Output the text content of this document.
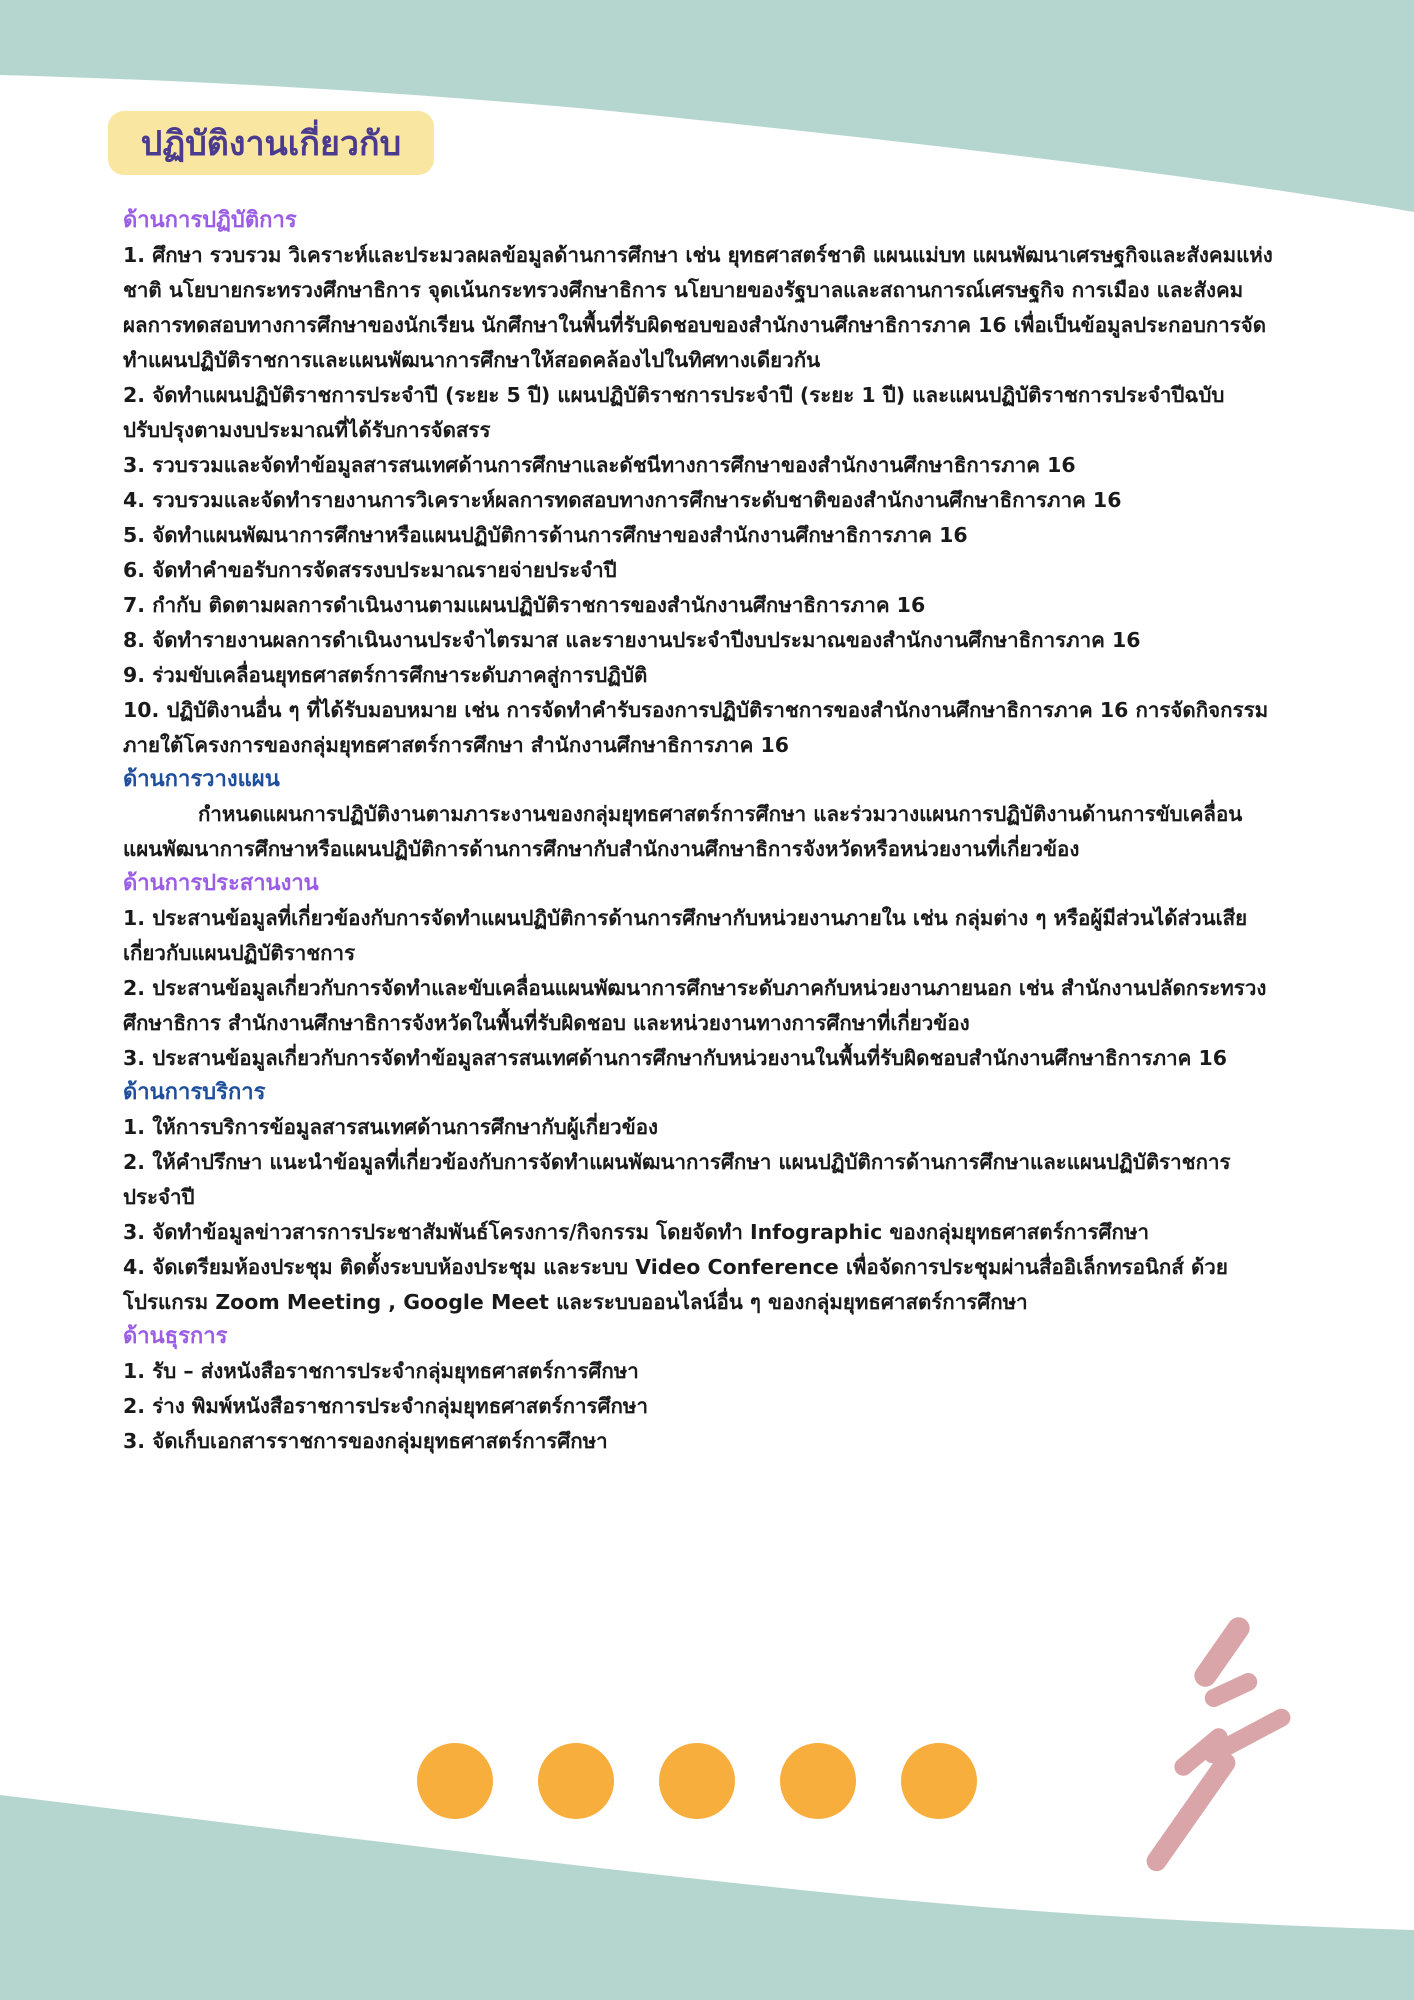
ปฏิบัติงานเกี่ยวกับ

ด้านการปฏิบัติการ

1. ศึกษา รวบรวม วิเคราะห์และประมวลผลข้อมูลด้านการศึกษา เช่น ยุทธศาสตร์ชาติ แผนแม่บท แผนพัฒนาเศรษฐกิจและสังคมแห่งชาติ นโยบายกระทรวงศึกษาธิการ จุดเน้นกระทรวงศึกษาธิการ นโยบายของรัฐบาลและสถานการณ์เศรษฐกิจ การเมือง และสังคม ผลการทดสอบทางการศึกษาของนักเรียน นักศึกษาในพื้นที่รับผิดชอบของสำนักงานศึกษาธิการภาค 16 เพื่อเป็นข้อมูลประกอบการจัดทำแผนปฏิบัติราชการและแผนพัฒนาการศึกษาให้สอดคล้องไปในทิศทางเดียวกัน

2. จัดทำแผนปฏิบัติราชการประจำปี (ระยะ 5 ปี) แผนปฏิบัติราชการประจำปี (ระยะ 1 ปี) และแผนปฏิบัติราชการประจำปีฉบับปรับปรุงตามงบประมาณที่ได้รับการจัดสรร

3. รวบรวมและจัดทำข้อมูลสารสนเทศด้านการศึกษาและดัชนีทางการศึกษาของสำนักงานศึกษาธิการภาค 16

4. รวบรวมและจัดทำรายงานการวิเคราะห์ผลการทดสอบทางการศึกษาระดับชาติของสำนักงานศึกษาธิการภาค 16

5. จัดทำแผนพัฒนาการศึกษาหรือแผนปฏิบัติการด้านการศึกษาของสำนักงานศึกษาธิการภาค 16

6. จัดทำคำขอรับการจัดสรรงบประมาณรายจ่ายประจำปี

7. กำกับ ติดตามผลการดำเนินงานตามแผนปฏิบัติราชการของสำนักงานศึกษาธิการภาค 16

8. จัดทำรายงานผลการดำเนินงานประจำไตรมาส และรายงานประจำปีงบประมาณของสำนักงานศึกษาธิการภาค 16

9. ร่วมขับเคลื่อนยุทธศาสตร์การศึกษาระดับภาคสู่การปฏิบัติ

10. ปฏิบัติงานอื่น ๆ ที่ได้รับมอบหมาย เช่น การจัดทำคำรับรองการปฏิบัติราชการของสำนักงานศึกษาธิการภาค 16 การจัดกิจกรรมภายใต้โครงการของกลุ่มยุทธศาสตร์การศึกษา สำนักงานศึกษาธิการภาค 16

ด้านการวางแผน

กำหนดแผนการปฏิบัติงานตามภาระงานของกลุ่มยุทธศาสตร์การศึกษา และร่วมวางแผนการปฏิบัติงานด้านการขับเคลื่อนแผนพัฒนาการศึกษาหรือแผนปฏิบัติการด้านการศึกษากับสำนักงานศึกษาธิการจังหวัดหรือหน่วยงานที่เกี่ยวข้อง

ด้านการประสานงาน

1. ประสานข้อมูลที่เกี่ยวข้องกับการจัดทำแผนปฏิบัติการด้านการศึกษากับหน่วยงานภายใน เช่น กลุ่มต่าง ๆ หรือผู้มีส่วนได้ส่วนเสียเกี่ยวกับแผนปฏิบัติราชการ

2. ประสานข้อมูลเกี่ยวกับการจัดทำและขับเคลื่อนแผนพัฒนาการศึกษาระดับภาคกับหน่วยงานภายนอก เช่น สำนักงานปลัดกระทรวงศึกษาธิการ สำนักงานศึกษาธิการจังหวัดในพื้นที่รับผิดชอบ และหน่วยงานทางการศึกษาที่เกี่ยวข้อง

3. ประสานข้อมูลเกี่ยวกับการจัดทำข้อมูลสารสนเทศด้านการศึกษากับหน่วยงานในพื้นที่รับผิดชอบสำนักงานศึกษาธิการภาค 16

ด้านการบริการ

1. ให้การบริการข้อมูลสารสนเทศด้านการศึกษากับผู้เกี่ยวข้อง

2. ให้คำปรึกษา แนะนำข้อมูลที่เกี่ยวข้องกับการจัดทำแผนพัฒนาการศึกษา แผนปฏิบัติการด้านการศึกษาและแผนปฏิบัติราชการประจำปี

3. จัดทำข้อมูลข่าวสารการประชาสัมพันธ์โครงการ/กิจกรรม โดยจัดทำ Infographic ของกลุ่มยุทธศาสตร์การศึกษา

4. จัดเตรียมห้องประชุม ติดตั้งระบบห้องประชุม และระบบ Video Conference เพื่อจัดการประชุมผ่านสื่ออิเล็กทรอนิกส์ ด้วยโปรแกรม Zoom Meeting , Google Meet และระบบออนไลน์อื่น ๆ ของกลุ่มยุทธศาสตร์การศึกษา

ด้านธุรการ

1. รับ – ส่งหนังสือราชการประจำกลุ่มยุทธศาสตร์การศึกษา

2. ร่าง พิมพ์หนังสือราชการประจำกลุ่มยุทธศาสตร์การศึกษา

3. จัดเก็บเอกสารราชการของกลุ่มยุทธศาสตร์การศึกษา
